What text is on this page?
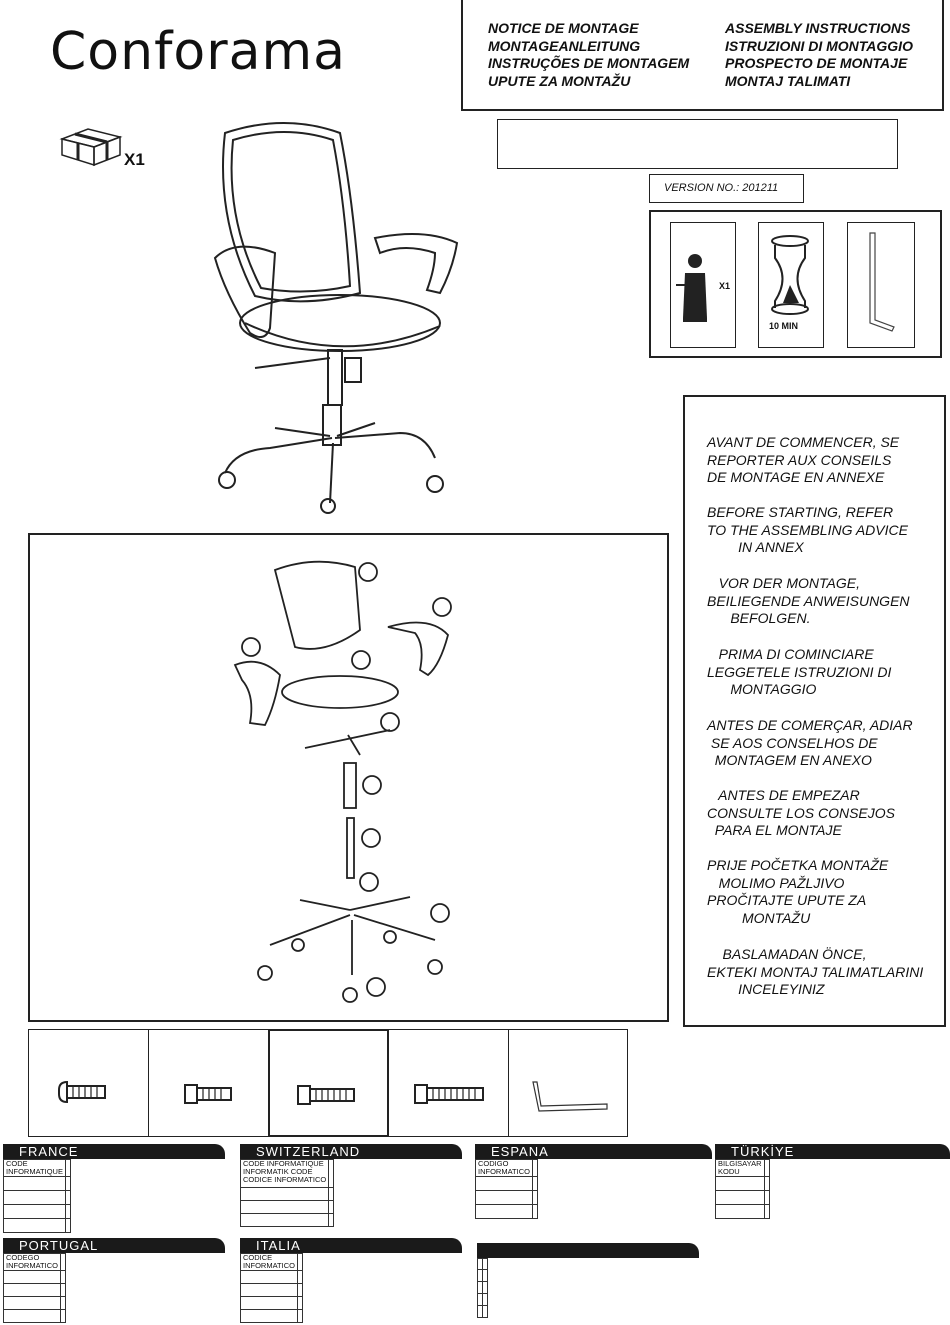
Conforama	NOTICE DE MONTAGE
MONTAGEANLEITUNG
INSTRUÇÕES DE MONTAGEM
UPUTE ZA MONTAŽU
ASSEMBLY INSTRUCTIONS
ISTRUZIONI DI MONTAGGIO
PROSPECTO DE MONTAJE
MONTAJ TALIMATI
X1
VERSION NO.: 201211
X1
10 MIN
AVANT DE COMMENCER, SE
REPORTER AUX CONSEILS
DE MONTAGE EN ANNEXE
BEFORE STARTING, REFER
TO THE ASSEMBLING ADVICE
IN ANNEX
VOR DER MONTAGE,
BEILIEGENDE ANWEISUNGEN
BEFOLGEN.
PRIMA DI COMINCIARE
LEGGETELE ISTRUZIONI DI
MONTAGGIO
ANTES DE COMERÇAR, ADIAR
SE AOS CONSELHOS DE
MONTAGEM EN ANEXO
ANTES DE EMPEZAR
CONSULTE LOS CONSEJOS
PARA EL MONTAJE
PRIJE POČETKA MONTAŽE
MOLIMO PAŽLJIVO
PROČITAJTE UPUTE ZA
MONTAŽU
BASLAMADAN ÖNCE,
EKTEKI MONTAJ TALIMATLARINI
INCELEYINIZ
FRANCE
CODE INFORMATIQUE	

SWITZERLAND
CODE INFORMATIQUE
INFORMATIK CODE
CODICE INFORMATICO	

ESPANA
CODIGO INFORMATICO	

TÜRKİYE
BILGİSAYAR KODU	

PORTUGAL
CODEGO INFORMATICO	

ITALIA
CODICE INFORMATICO	
